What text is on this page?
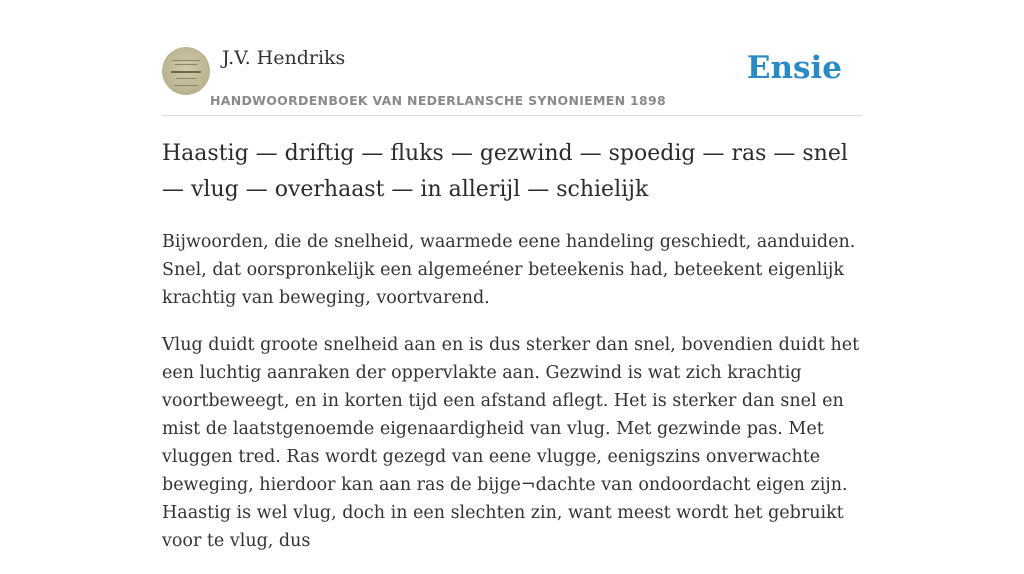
J.V. Hendriks
HANDWOORDENBOEK VAN NEDERLANSCHE SYNONIEMEN 1898
Ensie
Haastig — driftig — fluks — gezwind — spoedig — ras — snel — vlug — overhaast — in allerijl — schielijk

Bijwoorden, die de snelheid, waarmede eene handeling geschiedt, aanduiden. Snel, dat oorspronkelijk een algemeéner beteekenis had, beteekent eigenlijk krachtig van beweging, voortvarend.

Vlug duidt groote snelheid aan en is dus sterker dan snel, bovendien duidt het een luchtig aanraken der oppervlakte aan. Gezwind is wat zich krachtig voortbeweegt, en in korten tijd een afstand aflegt. Het is sterker dan snel en mist de laatstgenoemde eigenaardigheid van vlug. Met gezwinde pas. Met vluggen tred. Ras wordt gezegd van eene vlugge, eenigszins onverwachte beweging, hierdoor kan aan ras de bijge¬dachte van ondoordacht eigen zijn. Haastig is wel vlug, doch in een slechten zin, want meest wordt het gebruikt voor te vlug, dus
